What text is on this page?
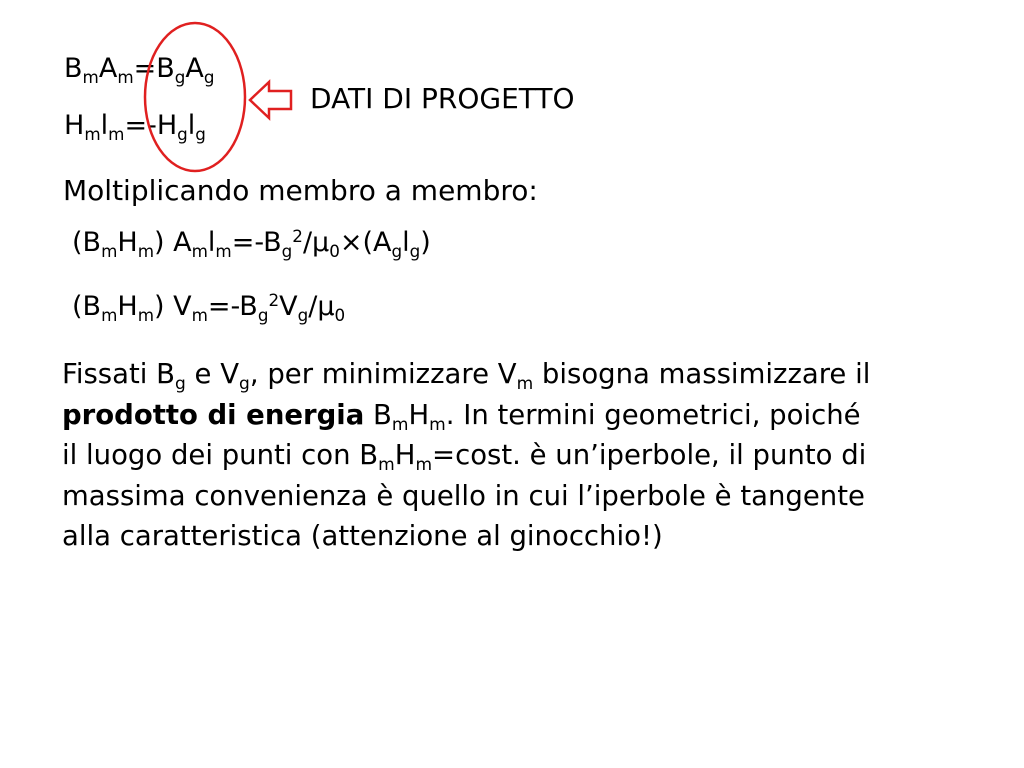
$B_mA_m=B_gA_g$
$H_ml_m=-H_gl_g$
DATI DI PROGETTO
Moltiplicando membro a membro:
$(B_mH_m)$ $A_ml_m=-B_g^2/\mu_0\times(A_gl_g)$
$(B_mH_m)$ $V_m=-B_g^2V_g/\mu_0$
Fissati $B_g$ e $V_g$, per minimizzare $V_m$ bisogna massimizzare il
prodotto di energia $B_mH_m$. In termini geometrici, poiché
il luogo dei punti con $B_mH_m=\cos t$. è un’iperbole, il punto di
massima convenienza è quello in cui l’iperbole è tangente
alla caratteristica (attenzione al ginocchio!)
